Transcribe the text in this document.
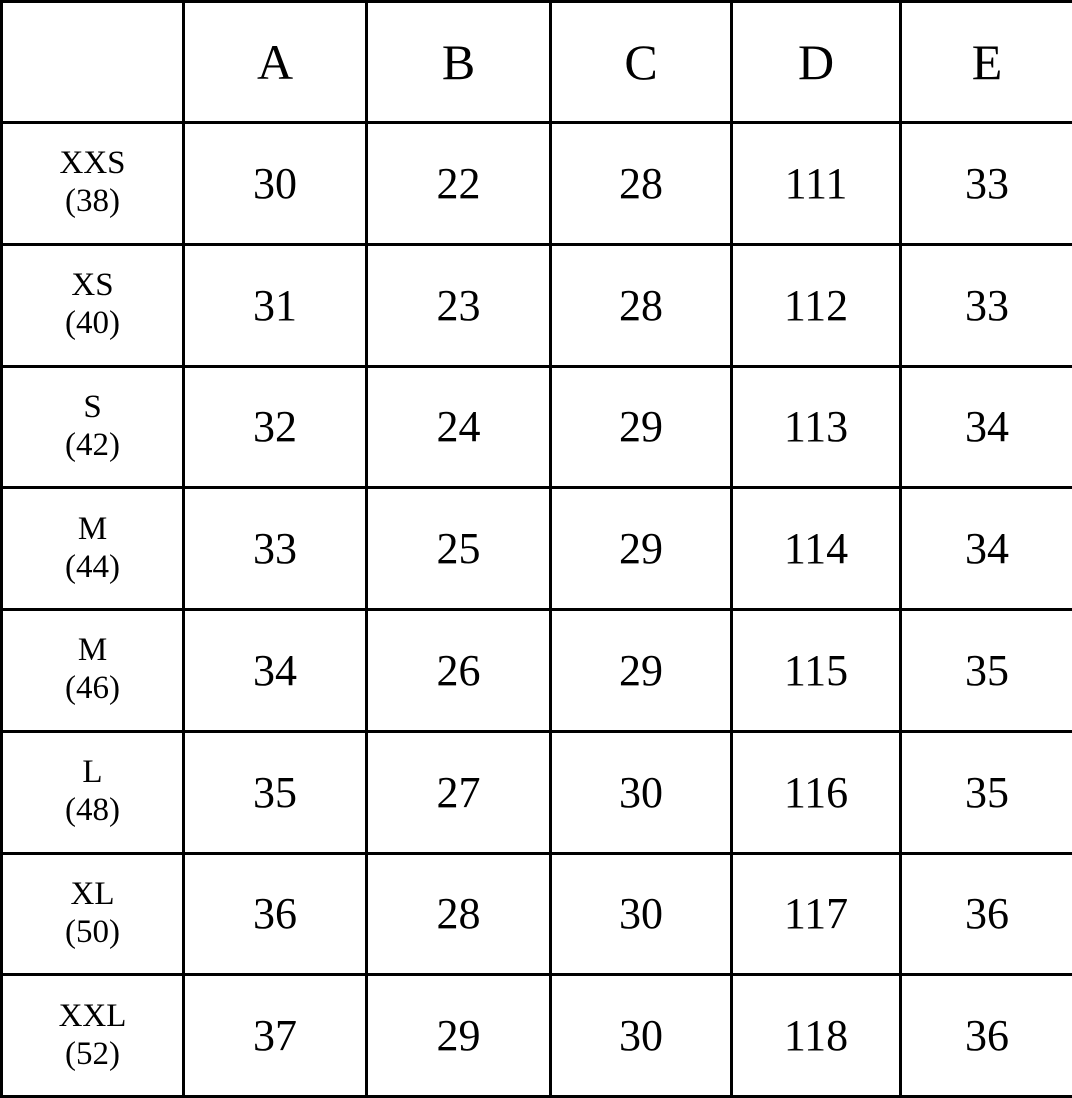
	A	B	C	D	E

XXS
(38)	30	22	28	111	33

XS
(40)	31	23	28	112	33

S
(42)	32	24	29	113	34

M
(44)	33	25	29	114	34

M
(46)	34	26	29	115	35

L
(48)	35	27	30	116	35

XL
(50)	36	28	30	117	36

XXL
(52)	37	29	30	118	36
